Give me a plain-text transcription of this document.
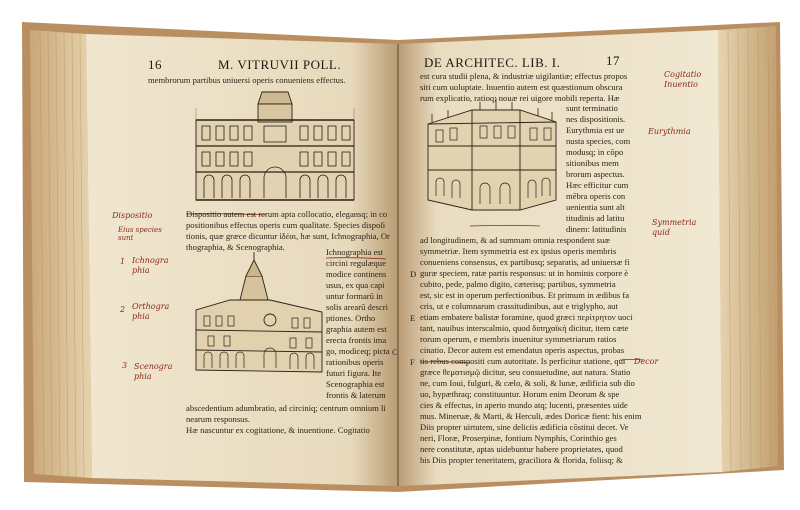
16	M. VITRUVII POLL.
membrorum partibus uniuersi operis conueniens effectus.
Dispositio autem est rerum apta collocatio, elegansq; in co
positionibus effectus operis cum qualitate. Species dispoſi
tionis, quæ græce dicuntur ἰδέαι, hæ sunt, Ichnographia, Or
thographia, & Scenographia.	Ichnographia est
circini regulæque
modice continens
usus, ex qua capi
untur formarū in
solis arearū descri
ptiones. Ortho
graphia autem est
erecta frontis ima
go, modiceq; picta
rationibus operis
futuri figura. Ite
Scenographia est
frontis & laterum
abscedentium adumbratio, ad circiniq; centrum omnium li
nearum responsus.
Hæ nascuntur ex cogitatione, & inuentione. Cogitatio
Dispositio
Eius species sunt
1 Ichnogra phia
2 Orthogra phia
3 Scenogra phia
DE ARCHITEC. LIB. I.	17
est cura studii plena, & industriæ uigilantiæ; effectus propos
siti cum uoluptate. Inuentio autem est quæstionum obscura
rum explicatio, ratioq; nouæ rei uigore mobili reperta. Hæ
sunt terminatio
nes dispositionis.
Eurythmia est ue
nusta species, com
modusq; in cōpo
sitionibus mem
brorum aspectus.
Hæc efficitur cum
mēbra operis con
uenientia sunt alt
titudinis ad latitu
dinem: latitudinis
ad longitudinem, & ad summam omnia respondent suæ
symmetriæ. Item symmetria est ex ipsius operis membris
conueniens consensus, ex partibusq; separatis, ad uniuersæ fi
guræ speciem, ratæ partis responsus: ut in hominis corpore è
cubito, pede, palmo digito, cæterisq; partibus, symmetria
est, sic est in operum perfectionibus. Et primum in ædibus fa
cris, ut e columnarum crassitudinibus, aut e triglypho, aut
etiam embatere balistæ foramine, quod græci περίτρητον uoci
tant, nauibus interscalmio, quod διπηχαϊκή dicitur, item cæte
rorum operum, e membris inuenitur symmetriarum ratios
cinatio. Decor autem est emendatus operis aspectus, probas
tis rebus compositi cum autoritate. Is perficitur statione, qui
græce θεματισμῷ dicitur, seu consuetudine, aut natura. Statio
ne, cum Ioui, fulguri, & cælo, & soli, & lunæ, ædificia sub dio
uo, hypæthraq; constituuntur. Horum enim Deorum & spe
cies & effectus, in aperto mundo atq; lucenti, præsentes uide
mus. Mineruæ, & Marti, & Herculi, ædes Doricæ fient: his enim
Diis propter uirtutem, sine deliciis ædificia cōstitui decet. Ve
neri, Floræ, Proserpinæ, fontium Nymphis, Corinthio ges
nere constitutæ, aptas uidebuntur habere proprietates, quod
his Diis propter teneritatem, graciliora & florida, foliisq; &
Cogitatio Inuentio
Eurythmia
Symmetria quid
Decor
D
E
F
C
